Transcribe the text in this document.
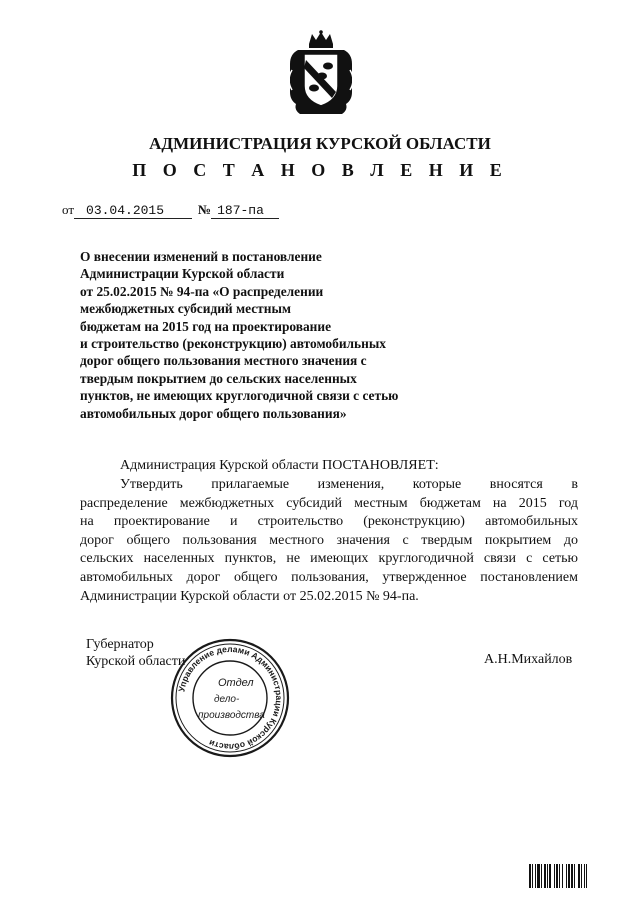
АДМИНИСТРАЦИЯ КУРСКОЙ ОБЛАСТИ
П О С Т А Н О В Л Е Н И Е
от 03.04.2015	№ 187-па
О внесении изменений в постановление
Администрации Курской области
от 25.02.2015 № 94-па «О распределении
межбюджетных субсидий местным
бюджетам на 2015 год на проектирование
и строительство (реконструкцию) автомобильных
дорог общего пользования местного значения с
твердым покрытием до сельских населенных
пунктов, не имеющих круглогодичной связи с сетью
автомобильных дорог общего пользования»
Администрация Курской области ПОСТАНОВЛЯЕТ:
Утвердить прилагаемые изменения, которые вносятся в
распределение межбюджетных субсидий местным бюджетам на 2015 год
на проектирование и строительство (реконструкцию) автомобильных
дорог общего пользования местного значения с твердым покрытием до
сельских населенных пунктов, не имеющих круглогодичной связи с сетью
автомобильных дорог общего пользования, утвержденное постановлением
Администрации Курской области от 25.02.2015 № 94-па.
Губернатор
Курской области	А.Н.Михайлов
Управление делами Администрации Курской области
Отдел
дело-
производства
